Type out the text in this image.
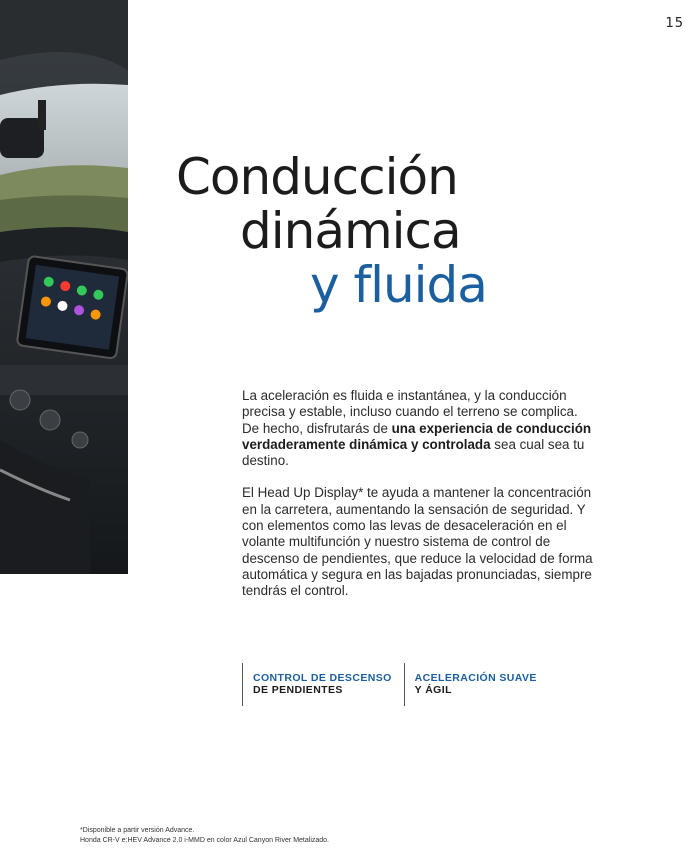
15
Conducción
dinámica
y fluida

La aceleración es fluida e instantánea, y la conducción precisa y estable, incluso cuando el terreno se complica. De hecho, disfrutarás de una experiencia de conducción verdaderamente dinámica y controlada sea cual sea tu destino.

El Head Up Display* te ayuda a mantener la concentración en la carretera, aumentando la sensación de seguridad. Y con elementos como las levas de desaceleración en el volante multifunción y nuestro sistema de control de descenso de pendientes, que reduce la velocidad de forma automática y segura en las bajadas pronunciadas, siempre tendrás el control.

CONTROL DE DESCENSO
DE PENDIENTES
ACELERACIÓN SUAVE
Y ÁGIL
*Disponible a partir versión Advance.
Honda CR-V e:HEV Advance 2.0 i-MMD en color Azul Canyon River Metalizado.
